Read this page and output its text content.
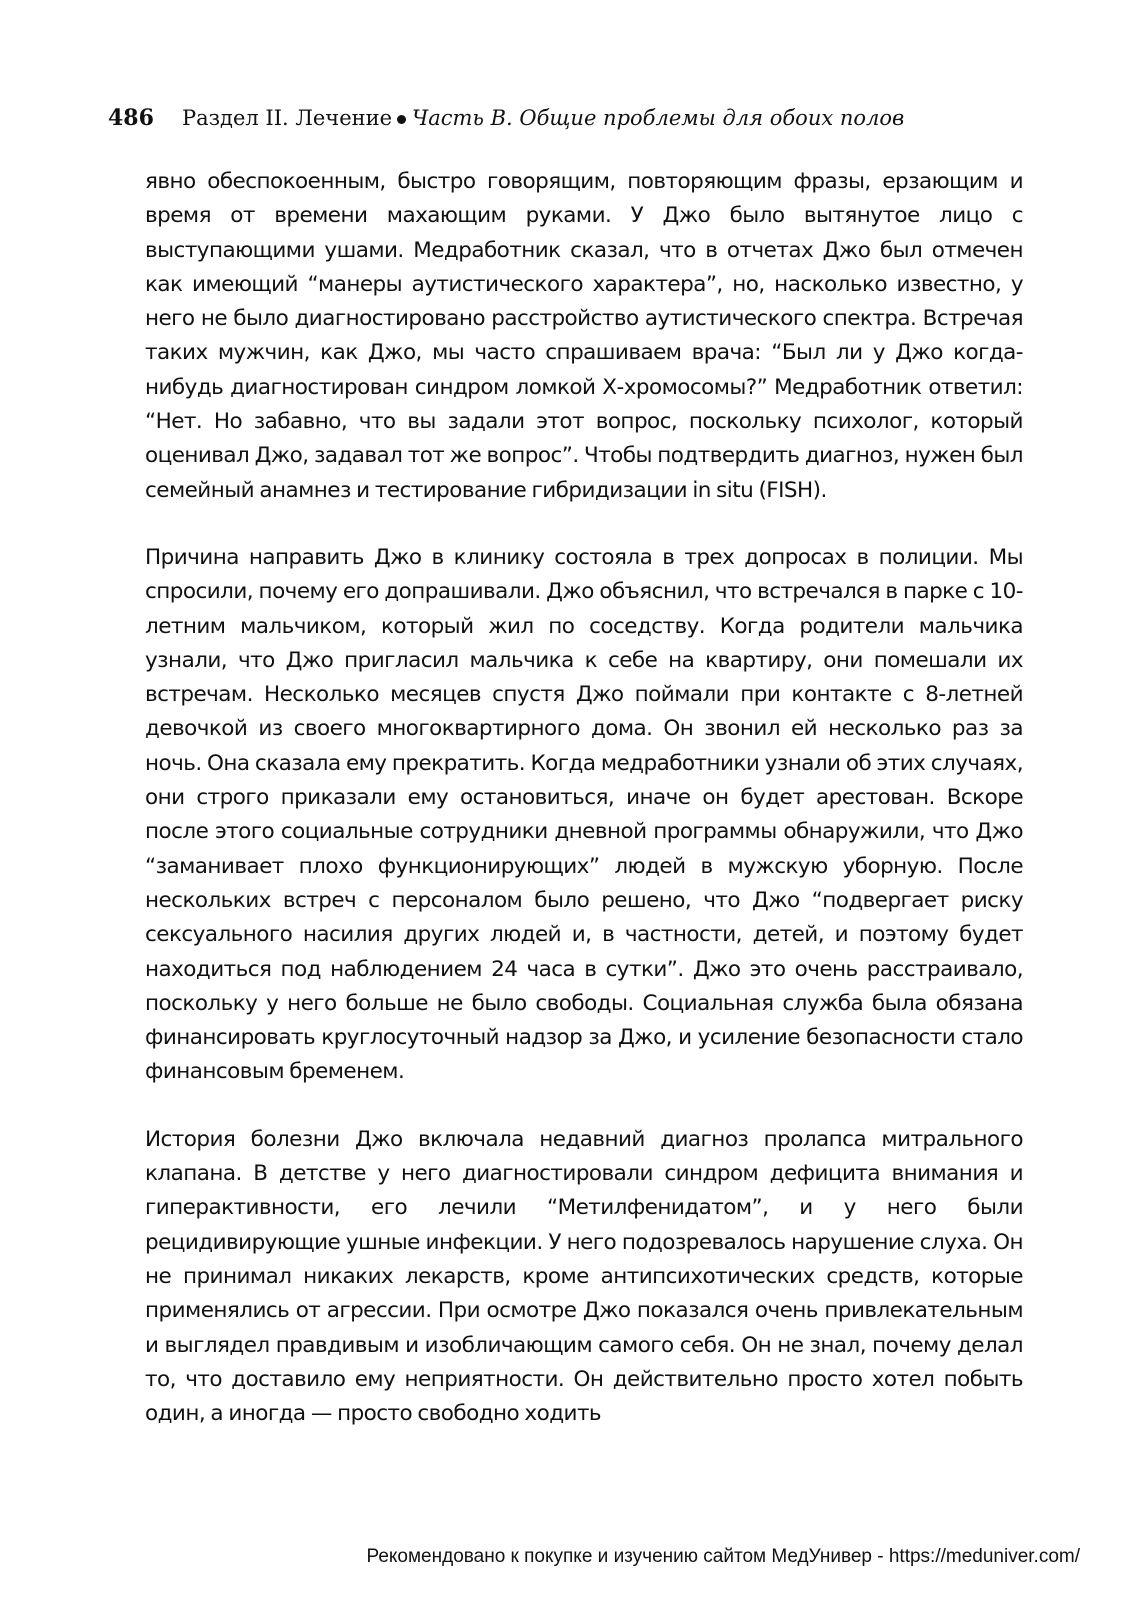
486 Раздел II. Лечение Часть В. Общие проблемы для обоих полов

явно обеспокоенным, быстро говорящим, повторяющим фразы, ерзающим и время от времени махающим руками. У Джо было вытянутое лицо с выступающими ушами. Медработник сказал, что в отчетах Джо был отмечен как имеющий “манеры аутистического характера”, но, насколько известно, у него не было диагностировано расстройство аутистического спектра. Встречая таких мужчин, как Джо, мы часто спрашиваем врача: “Был ли у Джо когда-нибудь диагностирован синдром ломкой Х-хромосомы?” Медработник ответил: “Нет. Но забавно, что вы задали этот вопрос, поскольку психолог, который оценивал Джо, задавал тот же вопрос”. Чтобы подтвердить диагноз, нужен был семейный анамнез и тестирование гибридизации in situ (FISH).

Причина направить Джо в клинику состояла в трех допросах в полиции. Мы спросили, почему его допрашивали. Джо объяснил, что встречался в парке с 10-летним мальчиком, который жил по соседству. Когда родители мальчика узнали, что Джо пригласил мальчика к себе на квартиру, они помешали их встречам. Несколько месяцев спустя Джо поймали при контакте с 8-летней девочкой из своего многоквартирного дома. Он звонил ей несколько раз за ночь. Она сказала ему прекратить. Когда медработники узнали об этих случаях, они строго приказали ему остановиться, иначе он будет арестован. Вскоре после этого социальные сотрудники дневной программы обнаружили, что Джо “заманивает плохо функционирующих” людей в мужскую уборную. После нескольких встреч с персоналом было решено, что Джо “подвергает риску сексуального насилия других людей и, в частности, детей, и поэтому будет находиться под наблюдением 24 часа в сутки”. Джо это очень расстраивало, поскольку у него больше не было свободы. Социальная служба была обязана финансировать круглосуточный надзор за Джо, и усиление безопасности стало финансовым бременем.

История болезни Джо включала недавний диагноз пролапса митрального клапана. В детстве у него диагностировали синдром дефицита внимания и гиперактивности, его лечили “Метилфенидатом”, и у него были рецидивирующие ушные инфекции. У него подозревалось нарушение слуха. Он не принимал никаких лекарств, кроме антипсихотических средств, которые применялись от агрессии. При осмотре Джо показался очень привлекательным и выглядел правдивым и изобличающим самого себя. Он не знал, почему делал то, что доставило ему неприятности. Он действительно просто хотел побыть один, а иногда — просто свободно ходить

Рекомендовано к покупке и изучению сайтом МедУнивер - https://meduniver.com/
